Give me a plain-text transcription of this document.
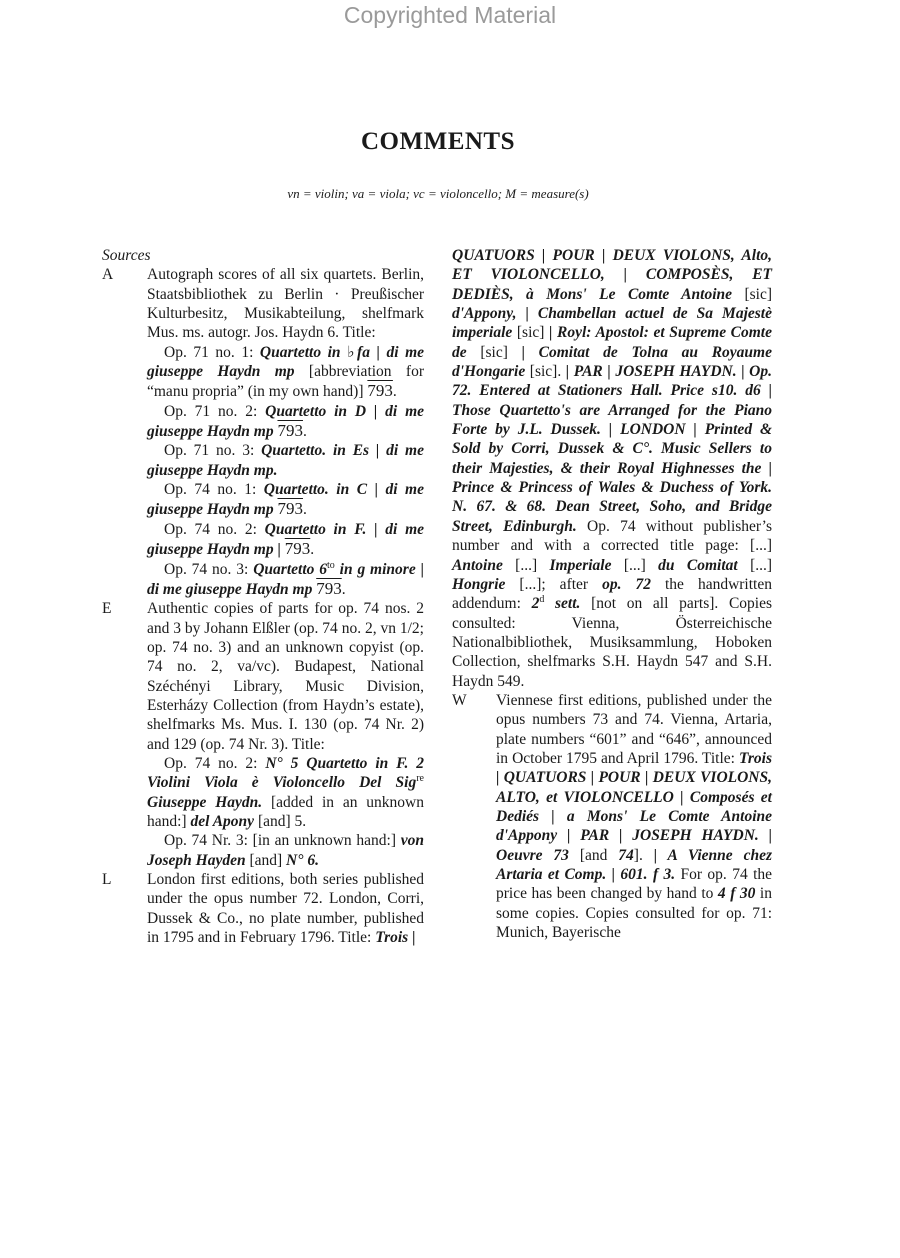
Copyrighted Material
COMMENTS
vn = violin; va = viola; vc = violoncello; M = measure(s)

Sources

A Autograph scores of all six quartets. Berlin, Staatsbibliothek zu Berlin · Preußischer Kulturbesitz, Musikabteilung, shelfmark Mus. ms. autogr. Jos. Haydn 6. Title:

Op. 71 no. 1: Quartetto in ♭fa | di me giuseppe Haydn mp [abbreviation for “manu propria” (in my own hand)] 793.

Op. 71 no. 2: Quartetto in D | di me giuseppe Haydn mp 793.

Op. 71 no. 3: Quartetto. in Es | di me giuseppe Haydn mp.

Op. 74 no. 1: Quartetto. in C | di me giuseppe Haydn mp 793.

Op. 74 no. 2: Quartetto in F. | di me giuseppe Haydn mp | 793.

Op. 74 no. 3: Quartetto $6^{to}$ in g minore | di me giuseppe Haydn mp 793.

E Authentic copies of parts for op. 74 nos. 2 and 3 by Johann Elßler (op. 74 no. 2, vn 1/2; op. 74 no. 3) and an unknown copyist (op. 74 no. 2, va/vc). Budapest, National Széchényi Library, Music Division, Esterházy Collection (from Haydn’s estate), shelfmarks Ms. Mus. I. 130 (op. 74 Nr. 2) and 129 (op. 74 Nr. 3). Title:

Op. 74 no. 2: N° 5 Quartetto in F. 2 Violini Viola è Violoncello Del Sig$^{re}$ Giuseppe Haydn. [added in an unknown hand:] del Apony [and] 5.

Op. 74 Nr. 3: [in an unknown hand:] von Joseph Hayden [and] N° 6.

L London first editions, both series published under the opus number 72. London, Corri, Dussek & Co., no plate number, published in 1795 and in February 1796. Title: Trois |

QUATUORS | POUR | DEUX VIOLONS, Alto, ET VIOLONCELLO, | COMPOSÈS, ET DEDIÈS, à Mons' Le Comte Antoine [sic] d'Appony, | Chambellan actuel de Sa Majestè imperiale [sic] | Royl: Apostol: et Supreme Comte de [sic] | Comitat de Tolna au Royaume d'Hongarie [sic]. | PAR | JOSEPH HAYDN. | Op. 72. Entered at Stationers Hall. Price s10. d6 | Those Quartetto's are Arranged for the Piano Forte by J.L. Dussek. | LONDON | Printed & Sold by Corri, Dussek & C°. Music Sellers to their Majesties, & their Royal Highnesses the | Prince & Princess of Wales & Duchess of York. N. 67. & 68. Dean Street, Soho, and Bridge Street, Edinburgh. Op. 74 without publisher’s number and with a corrected title page: [...] Antoine [...] Imperiale [...] du Comitat [...] Hongrie [...]; after op. 72 the handwritten addendum: 2$^d$ sett. [not on all parts]. Copies consulted: Vienna, Österreichische Nationalbibliothek, Musiksammlung, Hoboken Collection, shelfmarks S.H. Haydn 547 and S.H. Haydn 549.

W Viennese first editions, published under the opus numbers 73 and 74. Vienna, Artaria, plate numbers “601” and “646”, announced in October 1795 and April 1796. Title: Trois | QUATUORS | POUR | DEUX VIOLONS, ALTO, et VIOLONCELLO | Composés et Dediés | a Mons' Le Comte Antoine d'Appony | PAR | JOSEPH HAYDN. | Oeuvre 73 [and 74]. | A Vienne chez Artaria et Comp. | 601. f 3. For op. 74 the price has been changed by hand to 4 f 30 in some copies. Copies consulted for op. 71: Munich, Bayerische
